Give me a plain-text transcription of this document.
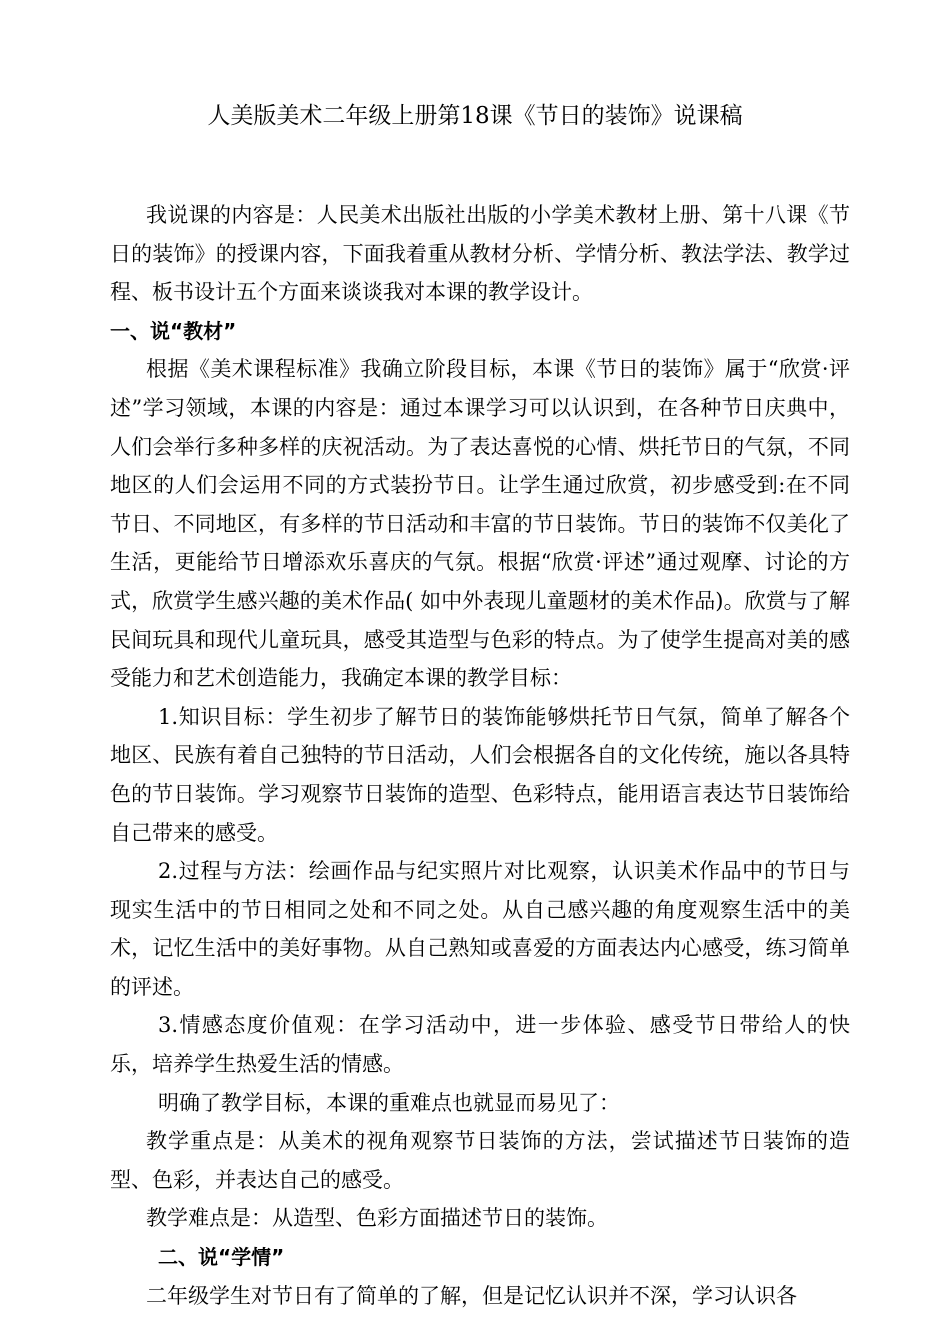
人美版美术二年级上册第18课《节日的装饰》说课稿

我说课的内容是：人民美术出版社出版的小学美术教材上册、第十八课《节日的装饰》的授课内容，下面我着重从教材分析、学情分析、教法学法、教学过程、板书设计五个方面来谈谈我对本课的教学设计。

一、说“教材”

根据《美术课程标准》我确立阶段目标，本课《节日的装饰》属于“欣赏·评述”学习领域，本课的内容是：通过本课学习可以认识到，在各种节日庆典中，人们会举行多种多样的庆祝活动。为了表达喜悦的心情、烘托节日的气氛，不同地区的人们会运用不同的方式装扮节日。让学生通过欣赏，初步感受到:在不同节日、不同地区，有多样的节日活动和丰富的节日装饰。节日的装饰不仅美化了生活，更能给节日增添欢乐喜庆的气氛。根据“欣赏·评述”通过观摩、讨论的方式，欣赏学生感兴趣的美术作品( 如中外表现儿童题材的美术作品)。欣赏与了解民间玩具和现代儿童玩具，感受其造型与色彩的特点。为了使学生提高对美的感受能力和艺术创造能力，我确定本课的教学目标：

1.知识目标：学生初步了解节日的装饰能够烘托节日气氛，简单了解各个地区、民族有着自己独特的节日活动，人们会根据各自的文化传统，施以各具特色的节日装饰。学习观察节日装饰的造型、色彩特点，能用语言表达节日装饰给自己带来的感受。

2.过程与方法：绘画作品与纪实照片对比观察，认识美术作品中的节日与现实生活中的节日相同之处和不同之处。从自己感兴趣的角度观察生活中的美术，记忆生活中的美好事物。从自己熟知或喜爱的方面表达内心感受，练习简单的评述。

3.情感态度价值观：在学习活动中，进一步体验、感受节日带给人的快乐，培养学生热爱生活的情感。

明确了教学目标，本课的重难点也就显而易见了：

教学重点是：从美术的视角观察节日装饰的方法，尝试描述节日装饰的造型、色彩，并表达自己的感受。

教学难点是：从造型、色彩方面描述节日的装饰。

二、说“学情”

二年级学生对节日有了简单的了解，但是记忆认识并不深，学习认识各
